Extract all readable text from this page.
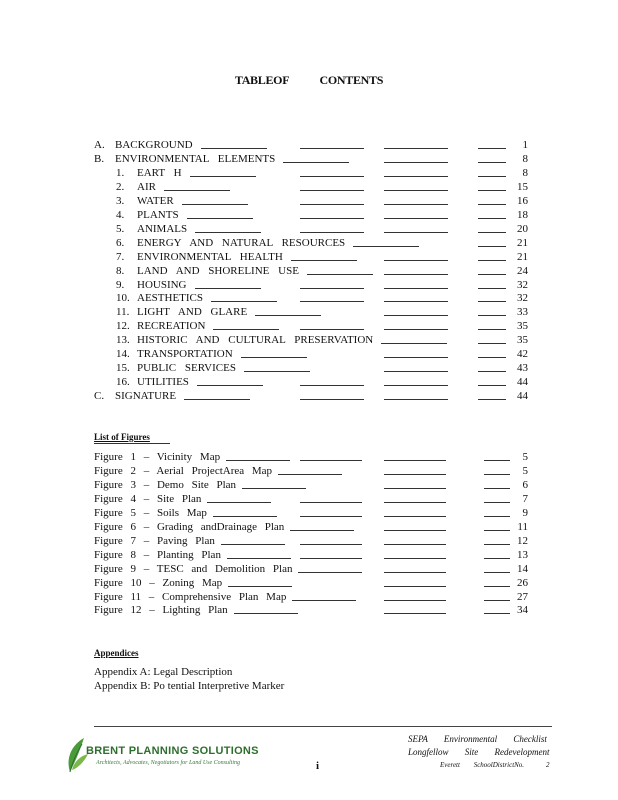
TABLEOF CONTENTS
A. BACKGROUND	1
B. ENVIRONMENTAL ELEMENTS	8
1. EART H	8
2. AIR	15
3. WATER	16
4. PLANTS	18
5. ANIMALS	20
6. ENERGY AND NATURAL RESOURCES	21
7. ENVIRONMENTAL HEALTH	21
8. LAND AND SHORELINE USE	24
9. HOUSING	32
10. AESTHETICS	32
11. LIGHT AND GLARE	33
12. RECREATION	35
13. HISTORIC AND CULTURAL PRESERVATION	35
14. TRANSPORTATION	42
15. PUBLIC SERVICES	43
16. UTILITIES	44
C. SIGNATURE	44
List of Figures
Figure 1 – Vicinity Map	5
Figure 2 – Aerial ProjectArea Map	5
Figure 3 – Demo Site Plan	6
Figure 4 – Site Plan	7
Figure 5 – Soils Map	9
Figure 6 – Grading andDrainage Plan	11
Figure 7 – Paving Plan	12
Figure 8 – Planting Plan	13
Figure 9 – TESC and Demolition Plan	14
Figure 10 – Zoning Map	26
Figure 11 – Comprehensive Plan Map	27
Figure 12 – Lighting Plan	34
Appendices
Appendix A: Legal Description
Appendix B: Po tential Interpretive Marker
BRENT PLANNING SOLUTIONS
Architects, Advocates, Negotiators for Land Use Consulting	i
SEPA Environmental Checklist
Longfellow Site Redevelopment
Everett SchoolDistrictNo.	2
